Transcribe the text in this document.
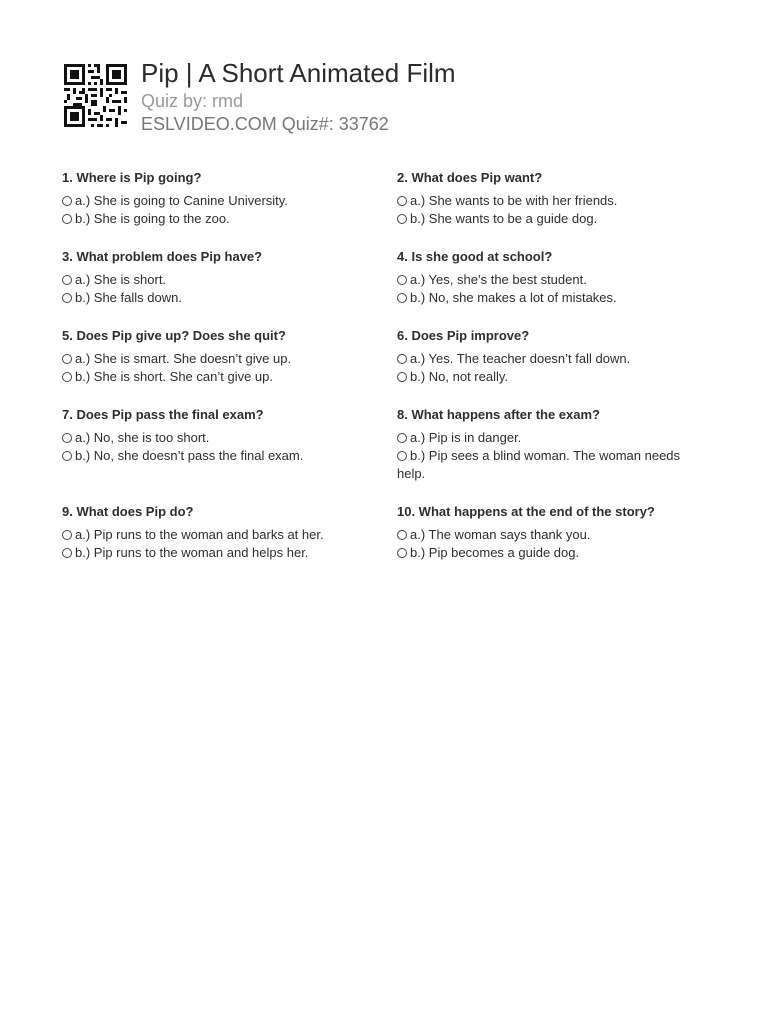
Pip | A Short Animated Film
Quiz by: rmd
ESLVIDEO.COM Quiz#: 33762
1. Where is Pip going?
a.) She is going to Canine University.
b.) She is going to the zoo.
2. What does Pip want?
a.) She wants to be with her friends.
b.) She wants to be a guide dog.
3. What problem does Pip have?
a.) She is short.
b.) She falls down.
4. Is she good at school?
a.) Yes, she’s the best student.
b.) No, she makes a lot of mistakes.
5. Does Pip give up? Does she quit?
a.) She is smart. She doesn’t give up.
b.) She is short. She can’t give up.
6. Does Pip improve?
a.) Yes. The teacher doesn’t fall down.
b.) No, not really.
7. Does Pip pass the final exam?
a.) No, she is too short.
b.) No, she doesn’t pass the final exam.
8. What happens after the exam?
a.) Pip is in danger.
b.) Pip sees a blind woman. The woman needs help.
9. What does Pip do?
a.) Pip runs to the woman and barks at her.
b.) Pip runs to the woman and helps her.
10. What happens at the end of the story?
a.) The woman says thank you.
b.) Pip becomes a guide dog.
